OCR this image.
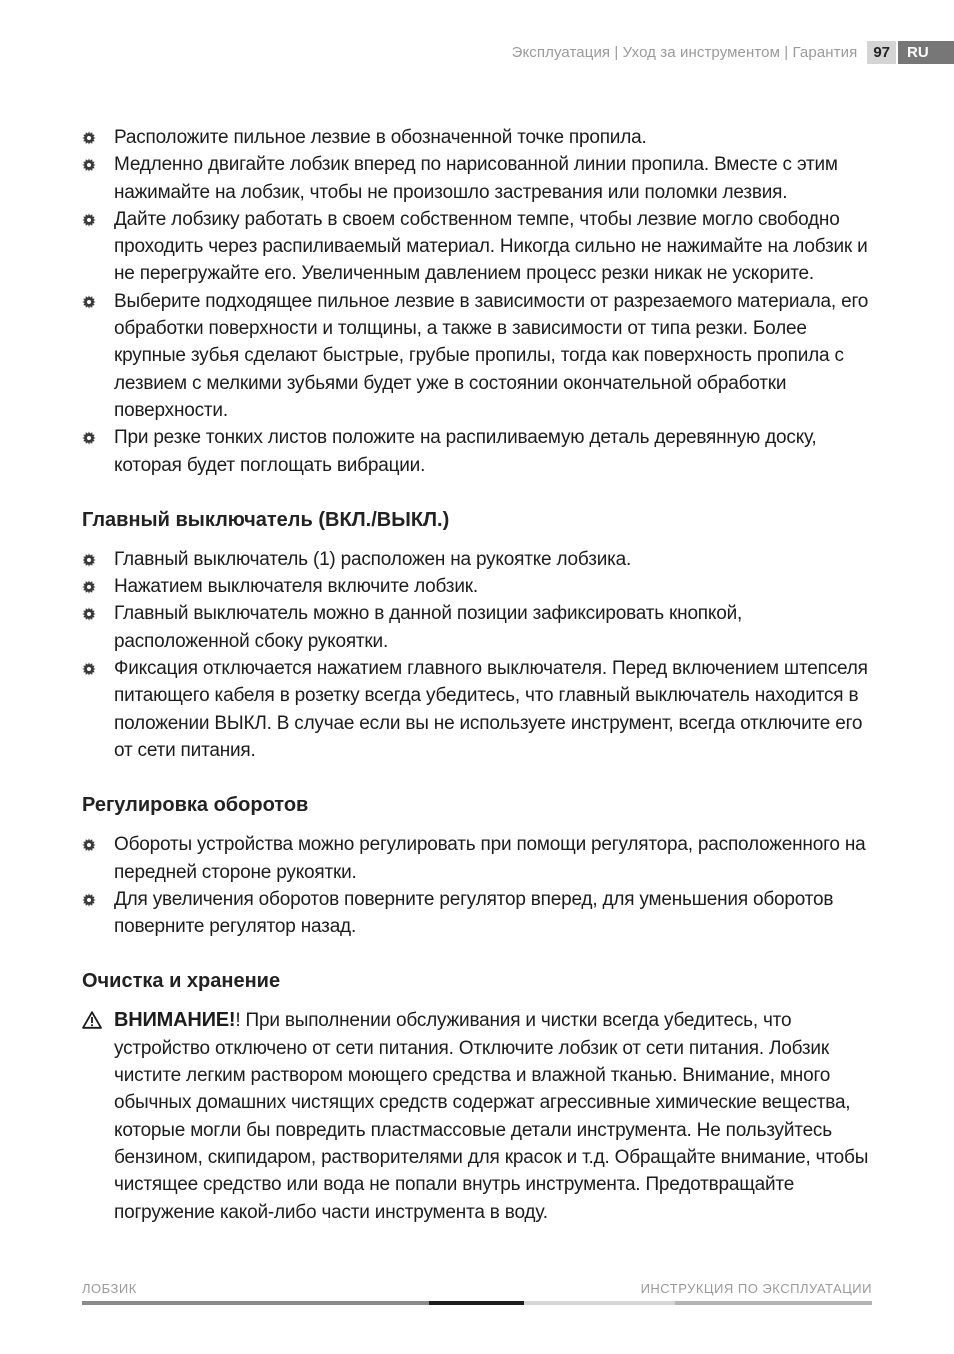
Эксплуатация | Уход за инструментом | Гарантия	97	RU
Расположите пильное лезвие в обозначенной точке пропила.
Медленно двигайте лобзик вперед по нарисованной линии пропила. Вместе с этим нажимайте на лобзик, чтобы не произошло застревания или поломки лезвия.
Дайте лобзику работать в своем собственном темпе, чтобы лезвие могло свободно проходить через распиливаемый материал. Никогда сильно не нажимайте на лобзик и не перегружайте его. Увеличенным давлением процесс резки никак не ускорите.
Выберите подходящее пильное лезвие в зависимости от разрезаемого материала, его обработки поверхности и толщины, а также в зависимости от типа резки. Более крупные зубья сделают быстрые, грубые пропилы, тогда как поверхность пропила с лезвием с мелкими зубьями будет уже в состоянии окончательной обработки поверхности.
При резке тонких листов положите на распиливаемую деталь деревянную доску, которая будет поглощать вибрации.
Главный выключатель (ВКЛ./ВЫКЛ.)
Главный выключатель (1) расположен на рукоятке лобзика.
Нажатием выключателя включите лобзик.
Главный выключатель можно в данной позиции зафиксировать кнопкой, расположенной сбоку рукоятки.
Фиксация отключается нажатием главного выключателя. Перед включением штепселя питающего кабеля в розетку всегда убедитесь, что главный выключатель находится в положении ВЫКЛ. В случае если вы не используете инструмент, всегда отключите его от сети питания.
Регулировка оборотов
Обороты устройства можно регулировать при помощи регулятора, расположенного на передней стороне рукоятки.
Для увеличения оборотов поверните регулятор вперед, для уменьшения оборотов поверните регулятор назад.
Очистка и хранение
ВНИМАНИЕ!! При выполнении обслуживания и чистки всегда убедитесь, что устройство отключено от сети питания. Отключите лобзик от сети питания. Лобзик чистите легким раствором моющего средства и влажной тканью. Внимание, много обычных домашних чистящих средств содержат агрессивные химические вещества, которые могли бы повредить пластмассовые детали инструмента. Не пользуйтесь бензином, скипидаром, растворителями для красок и т.д. Обращайте внимание, чтобы чистящее средство или вода не попали внутрь инструмента. Предотвращайте погружение какой-либо части инструмента в воду.
ЛОБЗИК	ИНСТРУКЦИЯ ПО ЭКСПЛУАТАЦИИ
